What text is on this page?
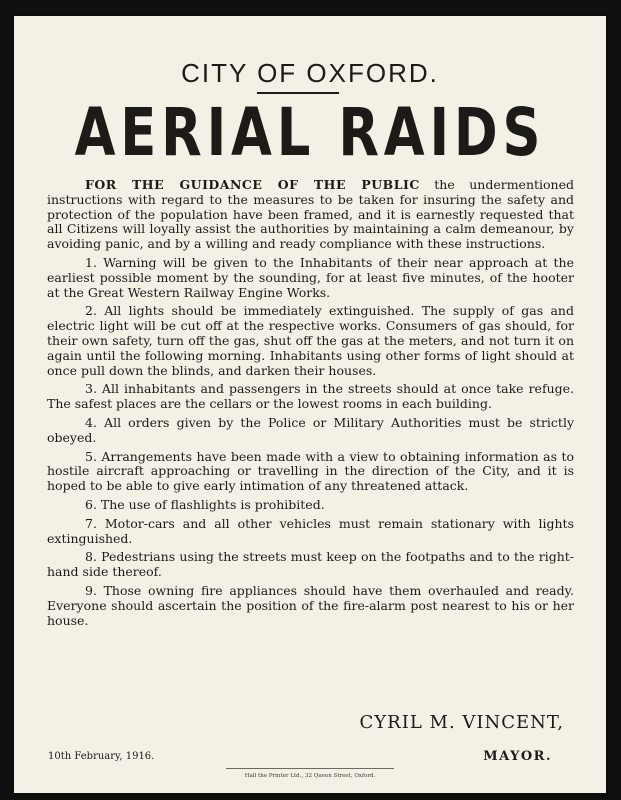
CITY OF OXFORD.
AERIAL RAIDS

FOR THE GUIDANCE OF THE PUBLIC the undermentioned instructions with regard to the measures to be taken for insuring the safety and protection of the population have been framed, and it is earnestly requested that all Citizens will loyally assist the authorities by maintaining a calm demeanour, by avoiding panic, and by a willing and ready compliance with these instructions.

1. Warning will be given to the Inhabitants of their near approach at the earliest possible moment by the sounding, for at least five minutes, of the hooter at the Great Western Railway Engine Works.

2. All lights should be immediately extinguished. The supply of gas and electric light will be cut off at the respective works. Consumers of gas should, for their own safety, turn off the gas, shut off the gas at the meters, and not turn it on again until the following morning. Inhabitants using other forms of light should at once pull down the blinds, and darken their houses.

3. All inhabitants and passengers in the streets should at once take refuge. The safest places are the cellars or the lowest rooms in each building.

4. All orders given by the Police or Military Authorities must be strictly obeyed.

5. Arrangements have been made with a view to obtaining information as to hostile aircraft approaching or travelling in the direction of the City, and it is hoped to be able to give early intimation of any threatened attack.

6. The use of flashlights is prohibited.

7. Motor-cars and all other vehicles must remain stationary with lights extinguished.

8. Pedestrians using the streets must keep on the footpaths and to the right-hand side thereof.

9. Those owning fire appliances should have them overhauled and ready. Everyone should ascertain the position of the fire-alarm post nearest to his or her house.

CYRIL M. VINCENT,
MAYOR.
10th February, 1916.
Hall the Printer Ltd., 32 Queen Street, Oxford.
